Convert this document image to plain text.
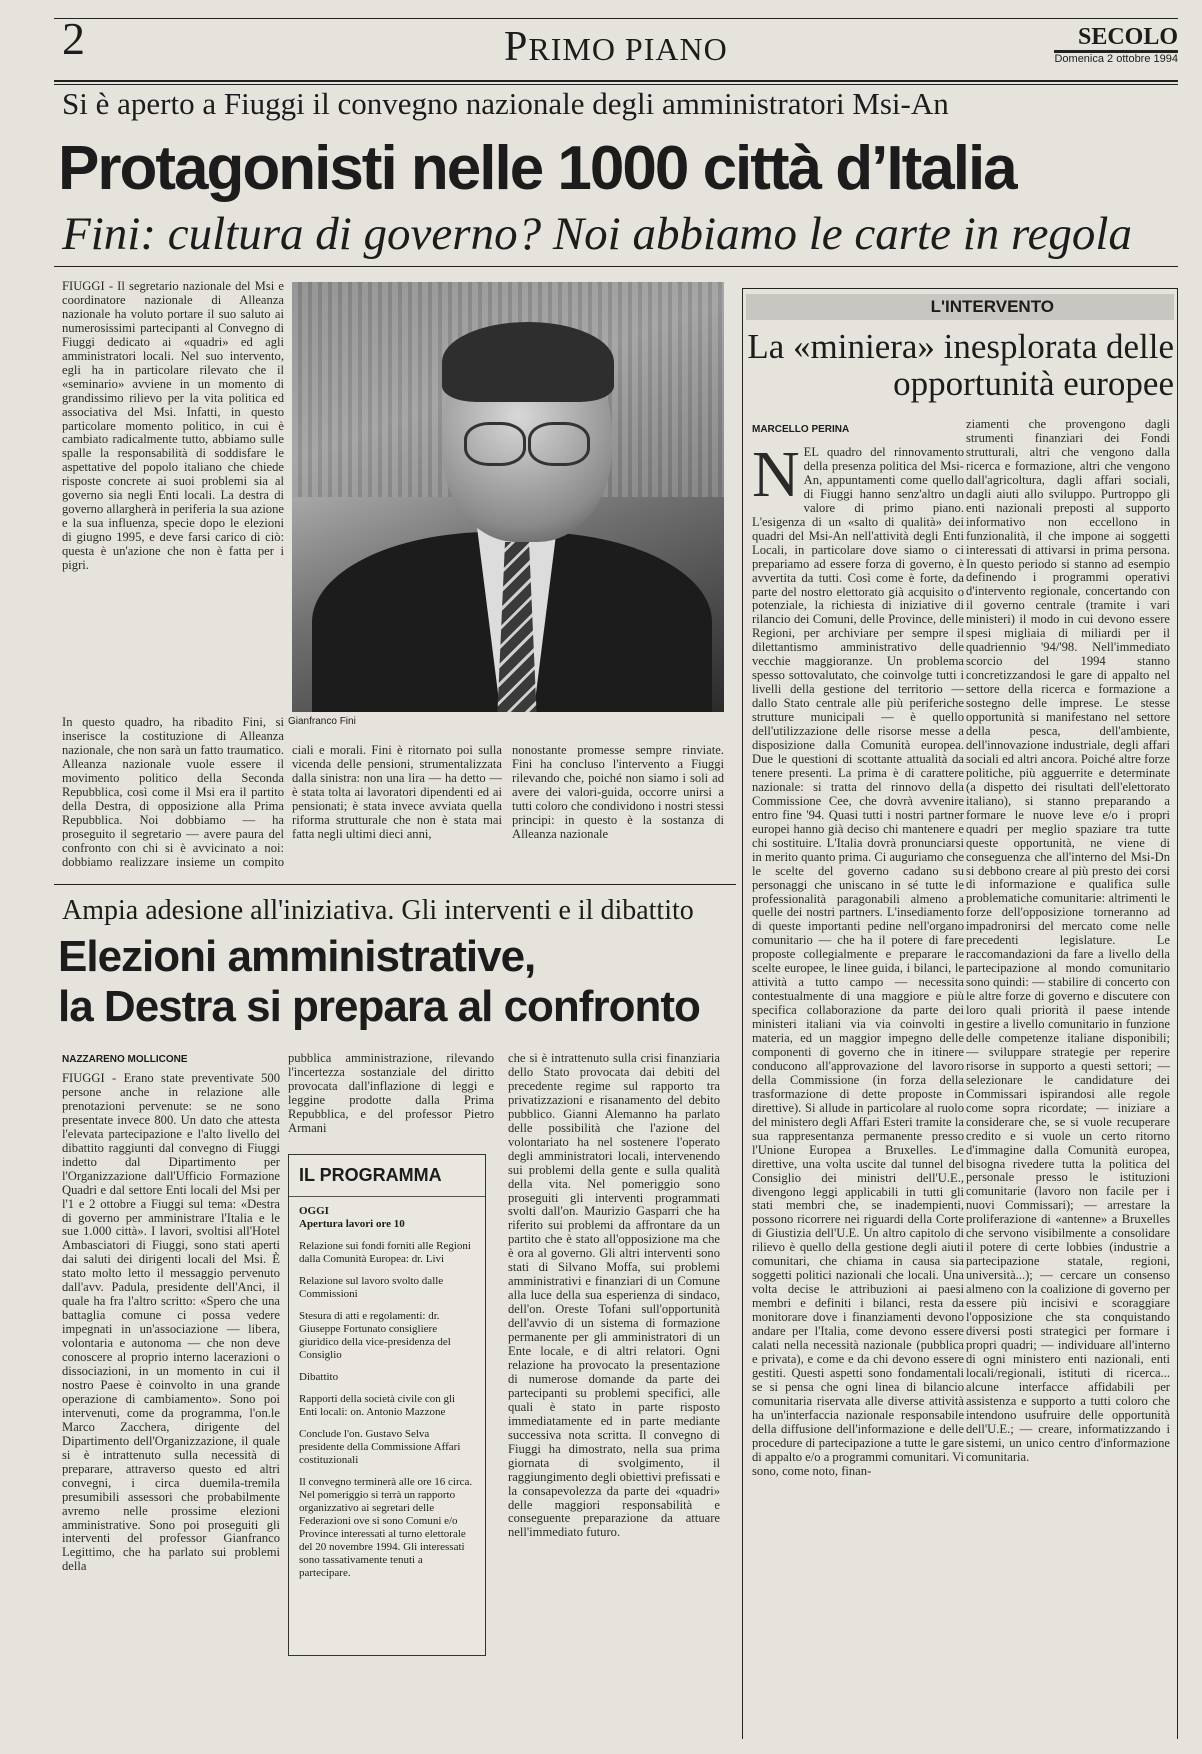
2	PRIMO PIANO	SECOLO
Domenica 2 ottobre 1994
Si è aperto a Fiuggi il convegno nazionale degli amministratori Msi-An
Protagonisti nelle 1000 città d’Italia
Fini: cultura di governo? Noi abbiamo le carte in regola

FIUGGI - Il segretario nazionale del Msi e coordinatore nazionale di Alleanza nazionale ha voluto portare il suo saluto ai numerosissimi partecipanti al Convegno di Fiuggi dedicato ai «quadri» ed agli amministratori locali. Nel suo intervento, egli ha in particolare rilevato che il «seminario» avviene in un momento di grandissimo rilievo per la vita politica ed associativa del Msi. Infatti, in questo particolare momento politico, in cui è cambiato radicalmente tutto, abbiamo sulle spalle la responsabilità di soddisfare le aspettative del popolo italiano che chiede risposte concrete ai suoi problemi sia al governo sia negli Enti locali. La destra di governo allargherà in periferia la sua azione e la sua influenza, specie dopo le elezioni di giugno 1995, e deve farsi carico di ciò: questa è un'azione che non è fatta per i pigri.

In questo quadro, ha ribadito Fini, si inserisce la costituzione di Alleanza nazionale, che non sarà un fatto traumatico. Alleanza nazionale vuole essere il movimento politico della Seconda Repubblica, così come il Msi era il partito della Destra, di opposizione alla Prima Repubblica. Noi dobbiamo — ha proseguito il segretario — avere paura del confronto con chi si è avvicinato a noi: dobbiamo realizzare insieme un compito

Gianfranco Fini

ciali e morali. Fini è ritornato poi sulla vicenda delle pensioni, strumentalizzata dalla sinistra: non una lira — ha detto — è stata tolta ai lavoratori dipendenti ed ai pensionati; è stata invece avviata quella riforma strutturale che non è stata mai fatta negli ultimi dieci anni,

nonostante promesse sempre rinviate. Fini ha concluso l'intervento a Fiuggi rilevando che, poiché non siamo i soli ad avere dei valori-guida, occorre unirsi a tutti coloro che condividono i nostri stessi principi: in questo è la sostanza di Alleanza nazionale

L'INTERVENTO
La «miniera» inesplorata delle opportunità europee
MARCELLO PERINA
N EL quadro del rinnovamento della presenza politica del Msi-An, appuntamenti come quello di Fiuggi hanno senz'altro un valore di primo piano. L'esigenza di un «salto di qualità» dei quadri del Msi-An nell'attività degli Enti Locali, in particolare dove siamo o ci prepariamo ad essere forza di governo, è avvertita da tutti. Così come è forte, da parte del nostro elettorato già acquisito o potenziale, la richiesta di iniziative di rilancio dei Comuni, delle Province, delle Regioni, per archiviare per sempre il dilettantismo amministrativo delle vecchie maggioranze. Un problema spesso sottovalutato, che coinvolge tutti i livelli della gestione del territorio — dallo Stato centrale alle più periferiche strutture municipali — è quello dell'utilizzazione delle risorse messe a disposizione dalla Comunità europea. Due le questioni di scottante attualità da tenere presenti. La prima è di carattere nazionale: si tratta del rinnovo della Commissione Cee, che dovrà avvenire entro fine '94. Quasi tutti i nostri partner europei hanno già deciso chi mantenere e chi sostituire. L'Italia dovrà pronunciarsi in merito quanto prima. Ci auguriamo che le scelte del governo cadano su personaggi che uniscano in sé tutte le professionalità paragonabili almeno a quelle dei nostri partners. L'insediamento di queste importanti pedine nell'organo comunitario — che ha il potere di fare proposte collegialmente e preparare le scelte europee, le linee guida, i bilanci, le attività a tutto campo — necessita contestualmente di una maggiore e più specifica collaborazione da parte dei ministeri italiani via via coinvolti in materia, ed un maggior impegno delle componenti di governo che in itinere conducono all'approvazione del lavoro della Commissione (in forza della trasformazione di dette proposte in direttive). Si allude in particolare al ruolo del ministero degli Affari Esteri tramite la sua rappresentanza permanente presso l'Unione Europea a Bruxelles. Le direttive, una volta uscite dal tunnel del Consiglio dei ministri dell'U.E., divengono leggi applicabili in tutti gli stati membri che, se inadempienti, possono ricorrere nei riguardi della Corte di Giustizia dell'U.E. Un altro capitolo di rilievo è quello della gestione degli aiuti comunitari, che chiama in causa sia soggetti politici nazionali che locali. Una volta decise le attribuzioni ai paesi membri e definiti i bilanci, resta da monitorare dove i finanziamenti devono andare per l'Italia, come devono essere calati nella necessità nazionale (pubblica e privata), e come e da chi devono essere gestiti. Questi aspetti sono fondamentali se si pensa che ogni linea di bilancio comunitaria riservata alle diverse attività ha un'interfaccia nazionale responsabile della diffusione dell'informazione e delle procedure di partecipazione a tutte le gare di appalto e/o a programmi comunitari. Vi sono, come noto, finan-

ziamenti che provengono dagli strumenti finanziari dei Fondi strutturali, altri che vengono dalla ricerca e formazione, altri che vengono dall'agricoltura, dagli affari sociali, dagli aiuti allo sviluppo. Purtroppo gli enti nazionali preposti al supporto informativo non eccellono in funzionalità, il che impone ai soggetti interessati di attivarsi in prima persona. In questo periodo si stanno ad esempio definendo i programmi operativi d'intervento regionale, concertando con il governo centrale (tramite i vari ministeri) il modo in cui devono essere spesi migliaia di miliardi per il quadriennio '94/'98. Nell'immediato scorcio del 1994 stanno concretizzandosi le gare di appalto nel settore della ricerca e formazione a sostegno delle imprese. Le stesse opportunità si manifestano nel settore della pesca, dell'ambiente, dell'innovazione industriale, degli affari sociali ed altri ancora. Poiché altre forze politiche, più agguerrite e determinate (a dispetto dei risultati dell'elettorato italiano), si stanno preparando a formare le nuove leve e/o i propri quadri per meglio spaziare tra tutte queste opportunità, ne viene di conseguenza che all'interno del Msi-Dn si debbono creare al più presto dei corsi di informazione e qualifica sulle problematiche comunitarie: altrimenti le forze dell'opposizione torneranno ad impadronirsi del mercato come nelle precedenti legislature. Le raccomandazioni da fare a livello della partecipazione al mondo comunitario sono quindi: — stabilire di concerto con le altre forze di governo e discutere con loro quali priorità il paese intende gestire a livello comunitario in funzione delle competenze italiane disponibili; — sviluppare strategie per reperire risorse in supporto a questi settori; — selezionare le candidature dei Commissari ispirandosi alle regole come sopra ricordate; — iniziare a considerare che, se si vuole recuperare credito e si vuole un certo ritorno d'immagine dalla Comunità europea, bisogna rivedere tutta la politica del personale presso le istituzioni comunitarie (lavoro non facile per i nuovi Commissari); — arrestare la proliferazione di «antenne» a Bruxelles che servono visibilmente a consolidare il potere di certe lobbies (industrie a partecipazione statale, regioni, università...); — cercare un consenso almeno con la coalizione di governo per essere più incisivi e scoraggiare l'opposizione che sta conquistando diversi posti strategici per formare i propri quadri; — individuare all'interno di ogni ministero enti nazionali, enti locali/regionali, istituti di ricerca... alcune interfacce affidabili per assistenza e supporto a tutti coloro che intendono usufruire delle opportunità dell'U.E.; — creare, informatizzando i sistemi, un unico centro d'informazione comunitaria.

Ampia adesione all'iniziativa. Gli interventi e il dibattito
Elezioni amministrative,
la Destra si prepara al confronto
NAZZARENO MOLLICONE

FIUGGI - Erano state preventivate 500 persone anche in relazione alle prenotazioni pervenute: se ne sono presentate invece 800. Un dato che attesta l'elevata partecipazione e l'alto livello del dibattito raggiunti dal convegno di Fiuggi indetto dal Dipartimento per l'Organizzazione dall'Ufficio Formazione Quadri e dal settore Enti locali del Msi per l'1 e 2 ottobre a Fiuggi sul tema: «Destra di governo per amministrare l'Italia e le sue 1.000 città». I lavori, svoltisi all'Hotel Ambasciatori di Fiuggi, sono stati aperti dai saluti dei dirigenti locali del Msi. È stato molto letto il messaggio pervenuto dall'avv. Padula, presidente dell'Anci, il quale ha fra l'altro scritto: «Spero che una battaglia comune ci possa vedere impegnati in un'associazione — libera, volontaria e autonoma — che non deve conoscere al proprio interno lacerazioni o dissociazioni, in un momento in cui il nostro Paese è coinvolto in una grande operazione di cambiamento». Sono poi intervenuti, come da programma, l'on.le Marco Zacchera, dirigente del Dipartimento dell'Organizzazione, il quale si è intrattenuto sulla necessità di preparare, attraverso questo ed altri convegni, i circa duemila-tremila presumibili assessori che probabilmente avremo nelle prossime elezioni amministrative. Sono poi proseguiti gli interventi del professor Gianfranco Legittimo, che ha parlato sui problemi della

pubblica amministrazione, rilevando l'incertezza sostanziale del diritto provocata dall'inflazione di leggi e leggine prodotte dalla Prima Repubblica, e del professor Pietro Armani

che si è intrattenuto sulla crisi finanziaria dello Stato provocata dai debiti del precedente regime sul rapporto tra privatizzazioni e risanamento del debito pubblico. Gianni Alemanno ha parlato delle possibilità che l'azione del volontariato ha nel sostenere l'operato degli amministratori locali, intervenendo sui problemi della gente e sulla qualità della vita. Nel pomeriggio sono proseguiti gli interventi programmati svolti dall'on. Maurizio Gasparri che ha riferito sui problemi da affrontare da un partito che è stato all'opposizione ma che è ora al governo. Gli altri interventi sono stati di Silvano Moffa, sui problemi amministrativi e finanziari di un Comune alla luce della sua esperienza di sindaco, dell'on. Oreste Tofani sull'opportunità dell'avvio di un sistema di formazione permanente per gli amministratori di un Ente locale, e di altri relatori. Ogni relazione ha provocato la presentazione di numerose domande da parte dei partecipanti su problemi specifici, alle quali è stato in parte risposto immediatamente ed in parte mediante successiva nota scritta. Il convegno di Fiuggi ha dimostrato, nella sua prima giornata di svolgimento, il raggiungimento degli obiettivi prefissati e la consapevolezza da parte dei «quadri» delle maggiori responsabilità e conseguente preparazione da attuare nell'immediato futuro.

IL PROGRAMMA
OGGI
Apertura lavori ore 10
Relazione sui fondi forniti alle Regioni dalla Comunità Europea: dr. Livi
Relazione sul lavoro svolto dalle Commissioni
Stesura di atti e regolamenti: dr. Giuseppe Fortunato consigliere giuridico della vice-presidenza del Consiglio
Dibattito
Rapporti della società civile con gli Enti locali: on. Antonio Mazzone
Conclude l'on. Gustavo Selva presidente della Commissione Affari costituzionali
Il convegno terminerà alle ore 16 circa. Nel pomeriggio si terrà un rapporto organizzativo ai segretari delle Federazioni ove si sono Comuni e/o Province interessati al turno elettorale del 20 novembre 1994. Gli interessati sono tassativamente tenuti a partecipare.
